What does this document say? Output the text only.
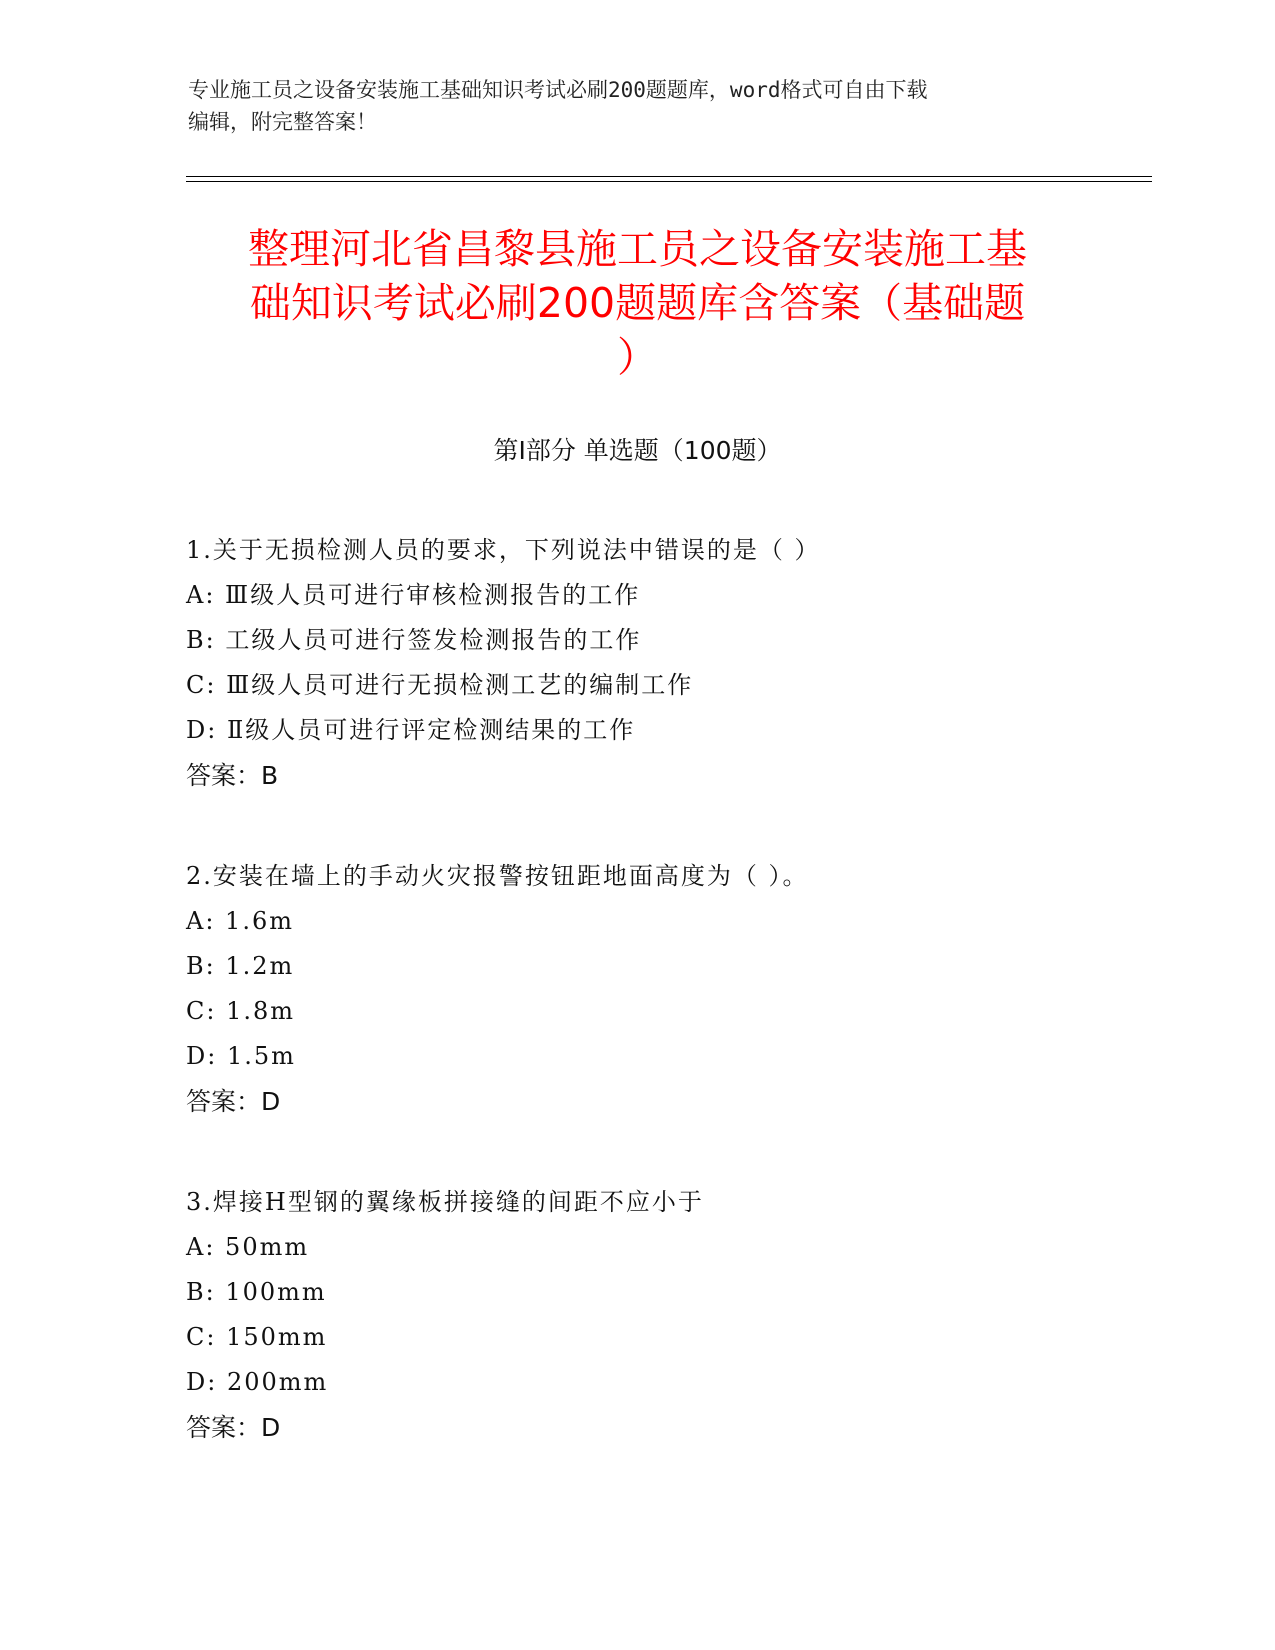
专业施工员之设备安装施工基础知识考试必刷200题题库，word格式可自由下载
编辑，附完整答案！
整理河北省昌黎县施工员之设备安装施工基
础知识考试必刷200题题库含答案（基础题
）
第Ⅰ部分 单选题（100题）
1.关于无损检测人员的要求，下列说法中错误的是（ ）
A: Ⅲ级人员可进行审核检测报告的工作
B: 工级人员可进行签发检测报告的工作
C: Ⅲ级人员可进行无损检测工艺的编制工作
D: Ⅱ级人员可进行评定检测结果的工作
答案：B
2.安装在墙上的手动火灾报警按钮距地面高度为（ ）。
A: 1.6m
B: 1.2m
C: 1.8m
D: 1.5m
答案：D
3.焊接H型钢的翼缘板拼接缝的间距不应小于
A: 50mm
B: 100mm
C: 150mm
D: 200mm
答案：D
